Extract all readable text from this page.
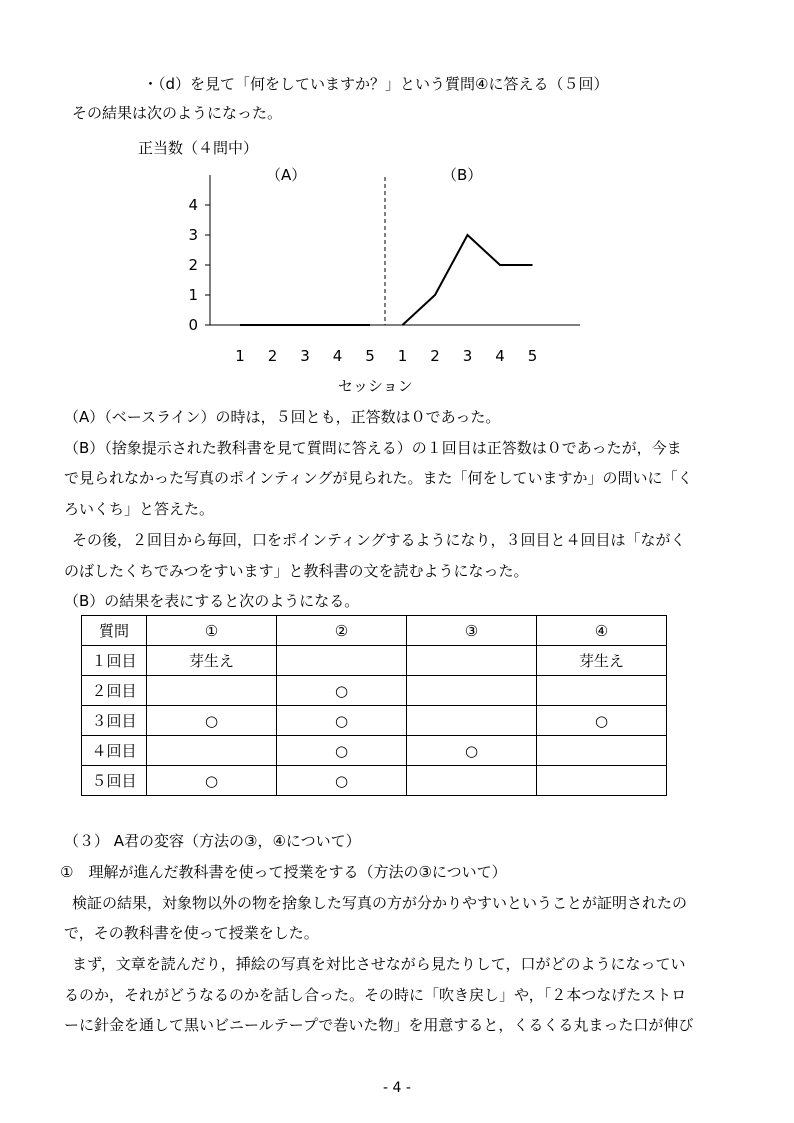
・（d）を見て「何をしていますか？」という質問④に答える（５回）
その結果は次のようになった。
正当数（４問中）
（A）	（B）
0
1
2
3
4
1 2 3 4 5 1 2 3 4 5
セッション
質問	①	②	③	④
１回目	芽生え			芽生え
２回目		○		
３回目	○	○		○
４回目		○	○	
５回目	○	○		
（A）（ベースライン）の時は，５回とも，正答数は０であった。
（B）（捨象提示された教科書を見て質問に答える）の１回目は正答数は０であったが，今ま
で見られなかった写真のポインティングが見られた。また「何をしていますか」の問いに「く
ろいくち」と答えた。
その後，２回目から毎回，口をポインティングするようになり，３回目と４回目は「ながく
のばしたくちでみつをすいます」と教科書の文を読むようになった。
（B）の結果を表にすると次のようになる。
（３） A君の変容（方法の③，④について）
①　理解が進んだ教科書を使って授業をする（方法の③について）
検証の結果，対象物以外の物を捨象した写真の方が分かりやすいということが証明されたの
で，その教科書を使って授業をした。
まず，文章を読んだり，挿絵の写真を対比させながら見たりして，口がどのようになってい
るのか，それがどうなるのかを話し合った。その時に「吹き戻し」や，「２本つなげたストロ
ーに針金を通して黒いビニールテープで巻いた物」を用意すると，くるくる丸まった口が伸び
- 4 -
